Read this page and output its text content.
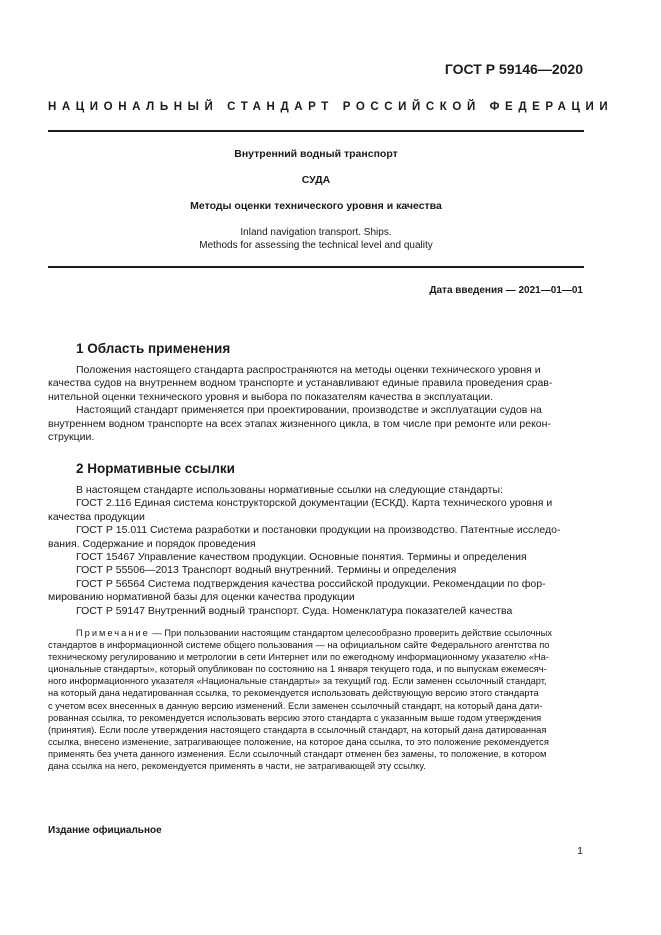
ГОСТ Р 59146—2020
НАЦИОНАЛЬНЫЙ СТАНДАРТ РОССИЙСКОЙ ФЕДЕРАЦИИ
Внутренний водный транспорт
СУДА
Методы оценки технического уровня и качества
Inland navigation transport. Ships.
Methods for assessing the technical level and quality
Дата введения — 2021—01—01
1 Область применения
Положения настоящего стандарта распространяются на методы оценки технического уровня и
качества судов на внутреннем водном транспорте и устанавливают единые правила проведения срав-
нительной оценки технического уровня и выбора по показателям качества в эксплуатации.
Настоящий стандарт применяется при проектировании, производстве и эксплуатации судов на
внутреннем водном транспорте на всех этапах жизненного цикла, в том числе при ремонте или рекон-
струкции.
2 Нормативные ссылки
В настоящем стандарте использованы нормативные ссылки на следующие стандарты:
ГОСТ 2.116 Единая система конструкторской документации (ЕСКД). Карта технического уровня и
качества продукции
ГОСТ Р 15.011 Система разработки и постановки продукции на производство. Патентные исследо-
вания. Содержание и порядок проведения
ГОСТ 15467 Управление качеством продукции. Основные понятия. Термины и определения
ГОСТ Р 55506—2013 Транспорт водный внутренний. Термины и определения
ГОСТ Р 56564 Система подтверждения качества российской продукции. Рекомендации по фор-
мированию нормативной базы для оценки качества продукции
ГОСТ Р 59147 Внутренний водный транспорт. Суда. Номенклатура показателей качества
Примечание — При пользовании настоящим стандартом целесообразно проверить действие ссылочных
стандартов в информационной системе общего пользования — на официальном сайте Федерального агентства по
техническому регулированию и метрологии в сети Интернет или по ежегодному информационному указателю «На-
циональные стандарты», который опубликован по состоянию на 1 января текущего года, и по выпускам ежемесяч-
ного информационного указателя «Национальные стандарты» за текущий год. Если заменен ссылочный стандарт,
на который дана недатированная ссылка, то рекомендуется использовать действующую версию этого стандарта
с учетом всех внесенных в данную версию изменений. Если заменен ссылочный стандарт, на который дана дати-
рованная ссылка, то рекомендуется использовать версию этого стандарта с указанным выше годом утверждения
(принятия). Если после утверждения настоящего стандарта в ссылочный стандарт, на который дана датированная
ссылка, внесено изменение, затрагивающее положение, на которое дана ссылка, то это положение рекомендуется
применять без учета данного изменения. Если ссылочный стандарт отменен без замены, то положение, в котором
дана ссылка на него, рекомендуется применять в части, не затрагивающей эту ссылку.
Издание официальное
1
